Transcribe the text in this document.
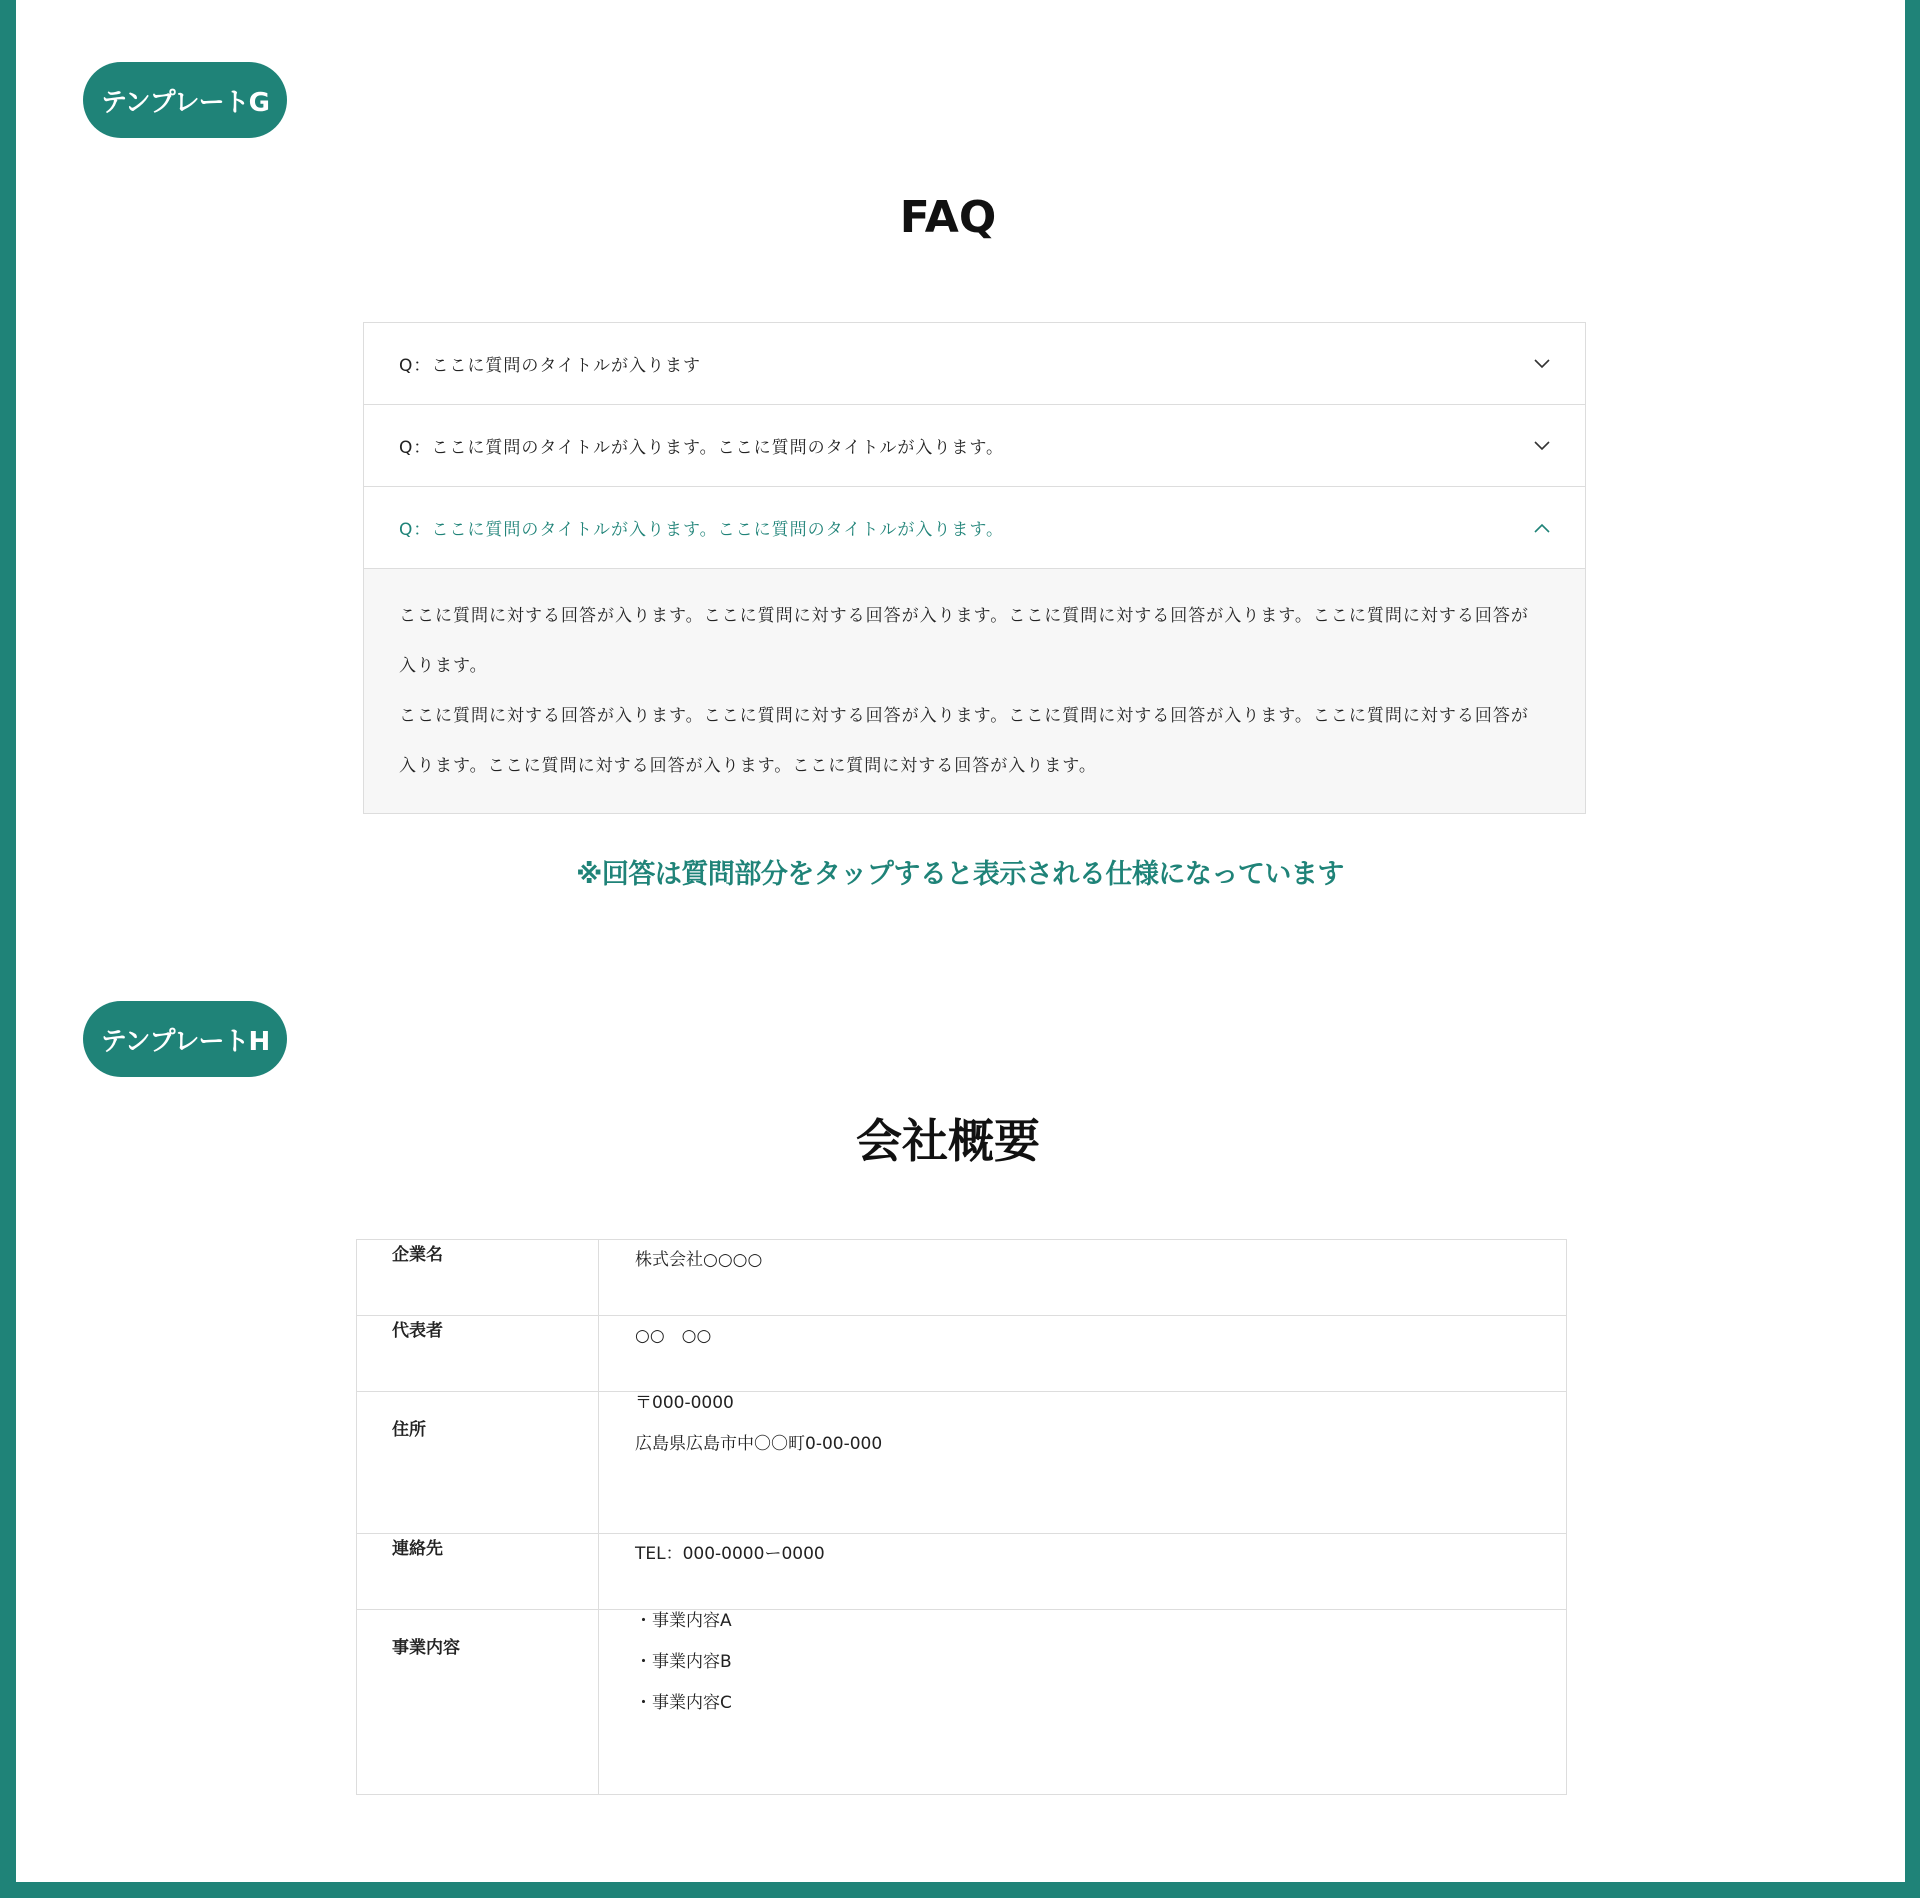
テンプレートG
FAQ
Q：ここに質問のタイトルが入ります
Q：ここに質問のタイトルが入ります。ここに質問のタイトルが入ります。
Q：ここに質問のタイトルが入ります。ここに質問のタイトルが入ります。

ここに質問に対する回答が入ります。ここに質問に対する回答が入ります。ここに質問に対する回答が入ります。ここに質問に対する回答が入ります。

ここに質問に対する回答が入ります。ここに質問に対する回答が入ります。ここに質問に対する回答が入ります。ここに質問に対する回答が入ります。ここに質問に対する回答が入ります。ここに質問に対する回答が入ります。

※回答は質問部分をタップすると表示される仕様になっています

テンプレートH
会社概要
企業名	株式会社○○○○

代表者	○○　○○

住所	〒000-0000
広島県広島市中〇〇町0-00-000

連絡先	TEL：000-0000ー0000

事業内容	・事業内容A
・事業内容B
・事業内容C
